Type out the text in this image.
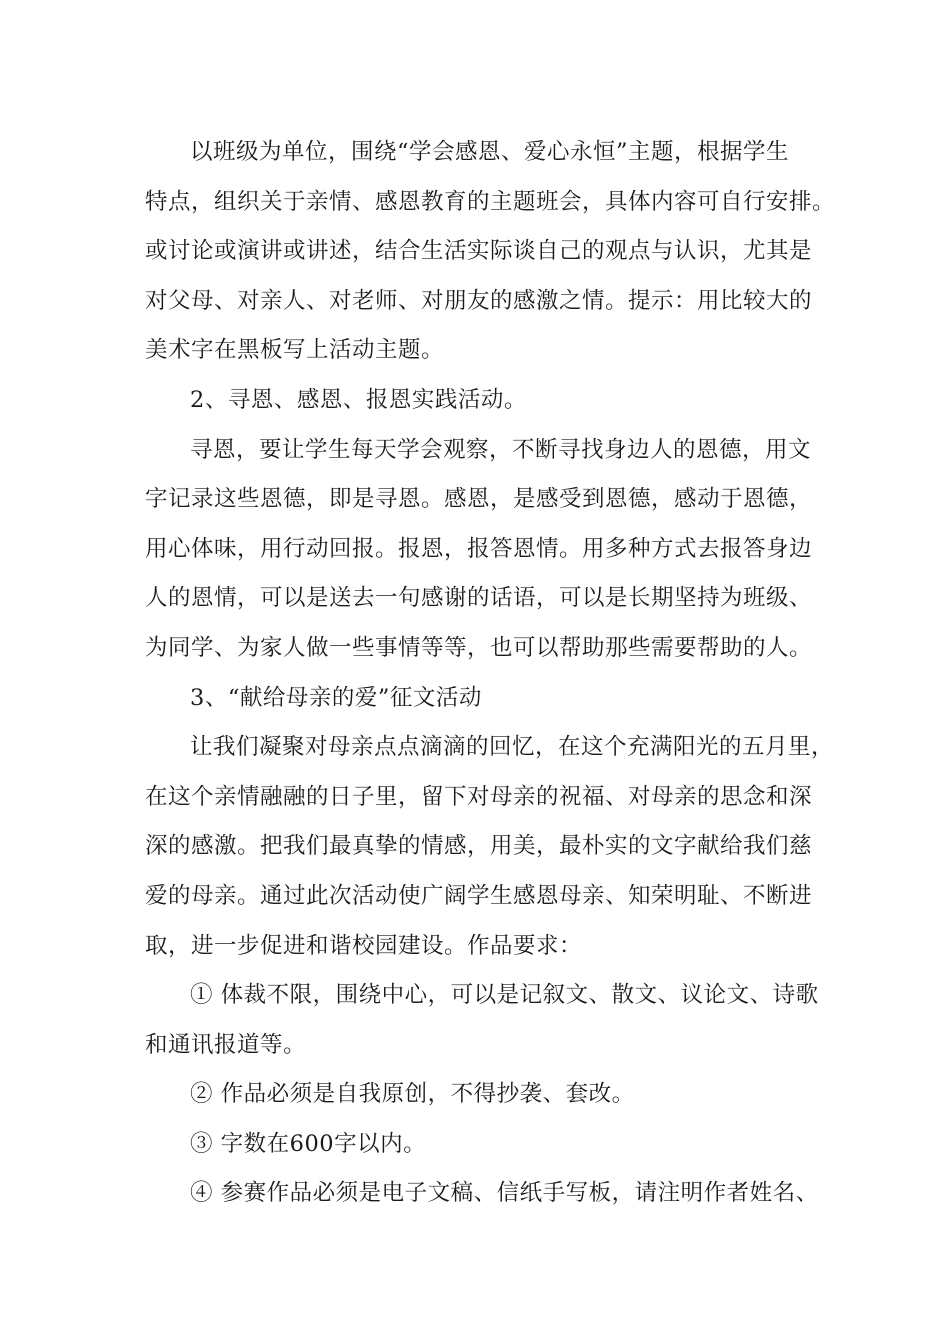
以班级为单位，围绕“学会感恩、爱心永恒”主题，根据学生
特点，组织关于亲情、感恩教育的主题班会，具体内容可自行安排。
或讨论或演讲或讲述，结合生活实际谈自己的观点与认识，尤其是
对父母、对亲人、对老师、对朋友的感激之情。提示：用比较大的
美术字在黑板写上活动主题。

2、寻恩、感恩、报恩实践活动。

寻恩，要让学生每天学会观察，不断寻找身边人的恩德，用文
字记录这些恩德，即是寻恩。感恩，是感受到恩德，感动于恩德，
用心体味，用行动回报。报恩，报答恩情。用多种方式去报答身边
人的恩情，可以是送去一句感谢的话语，可以是长期坚持为班级、
为同学、为家人做一些事情等等，也可以帮助那些需要帮助的人。

3、“献给母亲的爱”征文活动

让我们凝聚对母亲点点滴滴的回忆，在这个充满阳光的五月里，
在这个亲情融融的日子里，留下对母亲的祝福、对母亲的思念和深
深的感激。把我们最真挚的情感，用美，最朴实的文字献给我们慈
爱的母亲。通过此次活动使广阔学生感恩母亲、知荣明耻、不断进
取，进一步促进和谐校园建设。作品要求：

① 体裁不限，围绕中心，可以是记叙文、散文、议论文、诗歌
和通讯报道等。

② 作品必须是自我原创，不得抄袭、套改。

③ 字数在600字以内。

④ 参赛作品必须是电子文稿、信纸手写板，请注明作者姓名、
